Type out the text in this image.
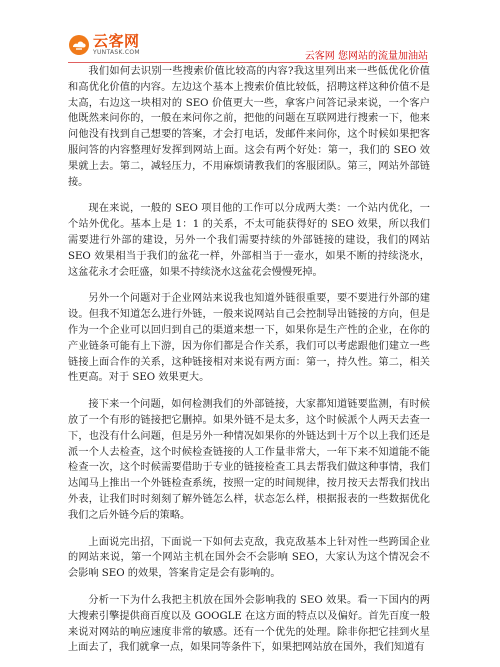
云客网
YUNTASK.COM	云客网 您网站的流量加油站

我们如何去识别一些搜索价值比较高的内容?我这里列出来一些低优化价值和高优化价值的内容。左边这个基本上搜索价值比较低，招聘这样这种价值不是太高，右边这一块相对的 SEO 价值更大一些，拿客户问答记录来说，一个客户他既然来问你的，一般在来问你之前，把他的问题在互联网进行搜索一下，他来问他没有找到自己想要的答案，才会打电话，发邮件来问你，这个时候如果把客服问答的内容整理好发挥到网站上面。这会有两个好处：第一，我们的 SEO 效果就上去。第二，减轻压力，不用麻烦请教我们的客服团队。第三，网站外部链接。

现在来说，一般的 SEO 项目他的工作可以分成两大类：一个站内优化，一个站外优化。基本上是 1：1 的关系，不太可能获得好的 SEO 效果，所以我们需要进行外部的建设，另外一个我们需要持续的外部链接的建设，我们的网站 SEO 效果相当于我们的盆花一样，外部相当于一壶水，如果不断的持续浇水，这盆花永才会旺盛，如果不持续浇水这盆花会慢慢死掉。

另外一个问题对于企业网站来说我也知道外链很重要，要不要进行外部的建设。但我不知道怎么进行外链，一般来说网站自己会控制导出链接的方向，但是作为一个企业可以回归到自己的渠道来想一下，如果你是生产性的企业，在你的产业链条可能有上下游，因为你们都是合作关系，我们可以考虑跟他们建立一些链接上面合作的关系，这种链接相对来说有两方面：第一，持久性。第二，相关性更高。对于 SEO 效果更大。

接下来一个问题，如何检测我们的外部链接，大家都知道链要监测，有时候放了一个有形的链接把它删掉。如果外链不是太多，这个时候派个人两天去查一下，也没有什么问题，但是另外一种情况如果你的外链达到十万个以上我们还是派一个人去检查，这个时候检查链接的人工作量非常大，一年下来不知道能不能检查一次，这个时候需要借助于专业的链接检查工具去帮我们做这种事情，我们达闻马上推出一个外链检查系统，按照一定的时间规律，按月按天去帮我们找出外表，让我们时时刻刻了解外链怎么样，状态怎么样，根据报表的一些数据优化我们之后外链今后的策略。

上面说完出招，下面说一下如何去克敌，我克敌基本上针对性一些跨国企业的网站来说，第一个网站主机在国外会不会影响 SEO，大家认为这个情况会不会影响 SEO 的效果，答案肯定是会有影响的。

分析一下为什么我把主机放在国外会影响我的 SEO 效果。看一下国内的两大搜索引擎提供商百度以及 GOOGLE 在这方面的特点以及偏好。首先百度一般来说对网站的响应速度非常的敏感。还有一个优先的处理。除非你把它挂到火星上面去了，我们就拿一点，如果同等条件下，如果把网站放在国外，我们知道有
